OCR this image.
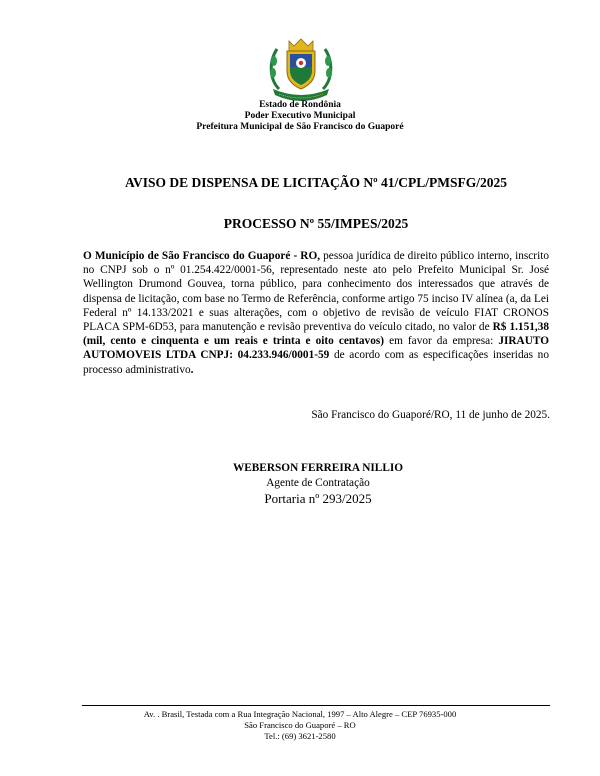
Estado de Rondônia
Poder Executivo Municipal
Prefeitura Municipal de São Francisco do Guaporé
AVISO DE DISPENSA DE LICITAÇÃO Nº 41/CPL/PMSFG/2025
PROCESSO Nº 55/IMPES/2025

O Município de São Francisco do Guaporé - RO, pessoa jurídica de direito público interno, inscrito no CNPJ sob o nº 01.254.422/0001-56, representado neste ato pelo Prefeito Municipal Sr. José Wellington Drumond Gouvea, torna público, para conhecimento dos interessados que através de dispensa de licitação, com base no Termo de Referência, conforme artigo 75 inciso IV alínea (a, da Lei Federal nº 14.133/2021 e suas alterações, com o objetivo de revisão de veículo FIAT CRONOS PLACA SPM-6D53, para manutenção e revisão preventiva do veículo citado, no valor de R$ 1.151,38 (mil, cento e cinquenta e um reais e trinta e oito centavos) em favor da empresa: JIRAUTO AUTOMOVEIS LTDA CNPJ: 04.233.946/0001-59 de acordo com as especificações inseridas no processo administrativo.

São Francisco do Guaporé/RO, 11 de junho de 2025.
WEBERSON FERREIRA NILLIO
Agente de Contratação
Portaria nº 293/2025
Av. . Brasil, Testada com a Rua Integração Nacional, 1997 – Alto Alegre – CEP 76935-000
São Francisco do Guaporé – RO
Tel.: (69) 3621-2580
